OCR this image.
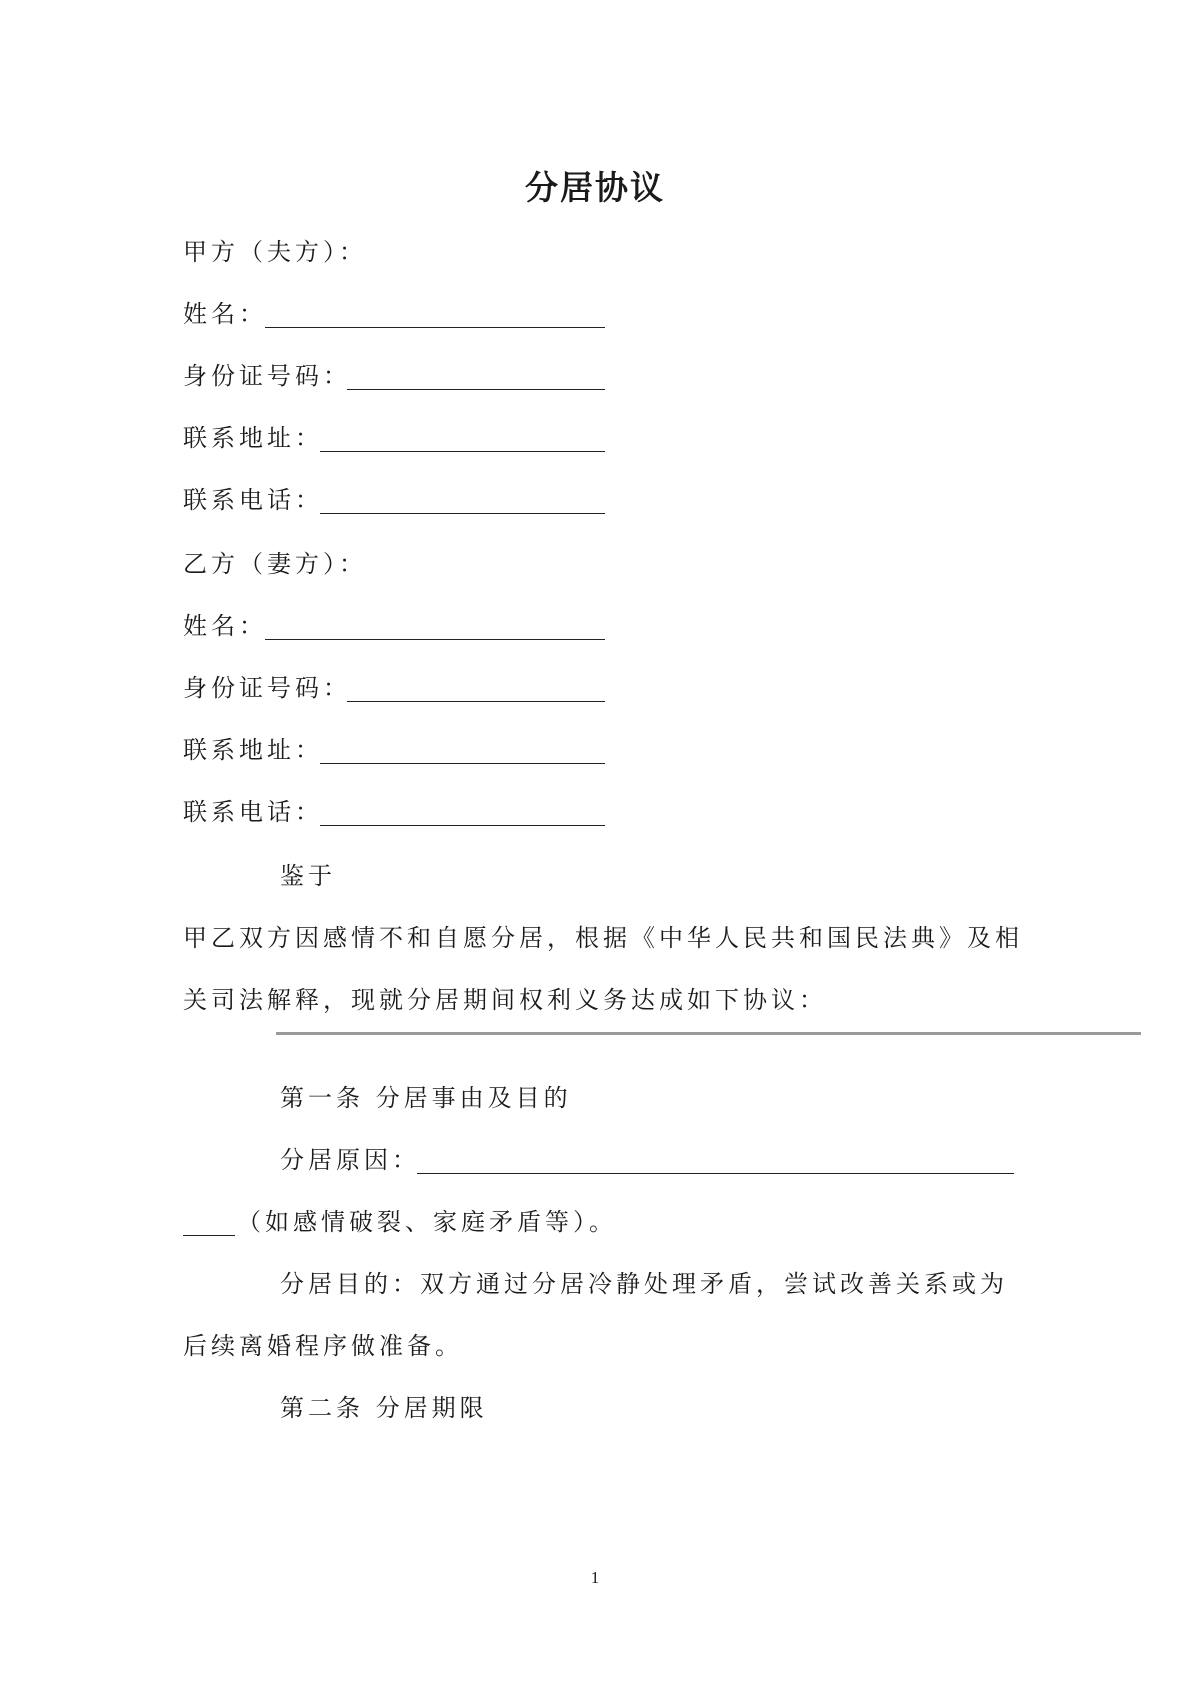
分居协议
甲方（夫方）：
姓名：
身份证号码：
联系地址：
联系电话：
乙方（妻方）：
姓名：
身份证号码：
联系地址：
联系电话：
鉴于
甲乙双方因感情不和自愿分居，根据《中华人民共和国民法典》及相
关司法解释，现就分居期间权利义务达成如下协议：
第一条 分居事由及目的
分居原因：
（如感情破裂、家庭矛盾等）。
分居目的：双方通过分居冷静处理矛盾，尝试改善关系或为
后续离婚程序做准备。
第二条 分居期限
1
